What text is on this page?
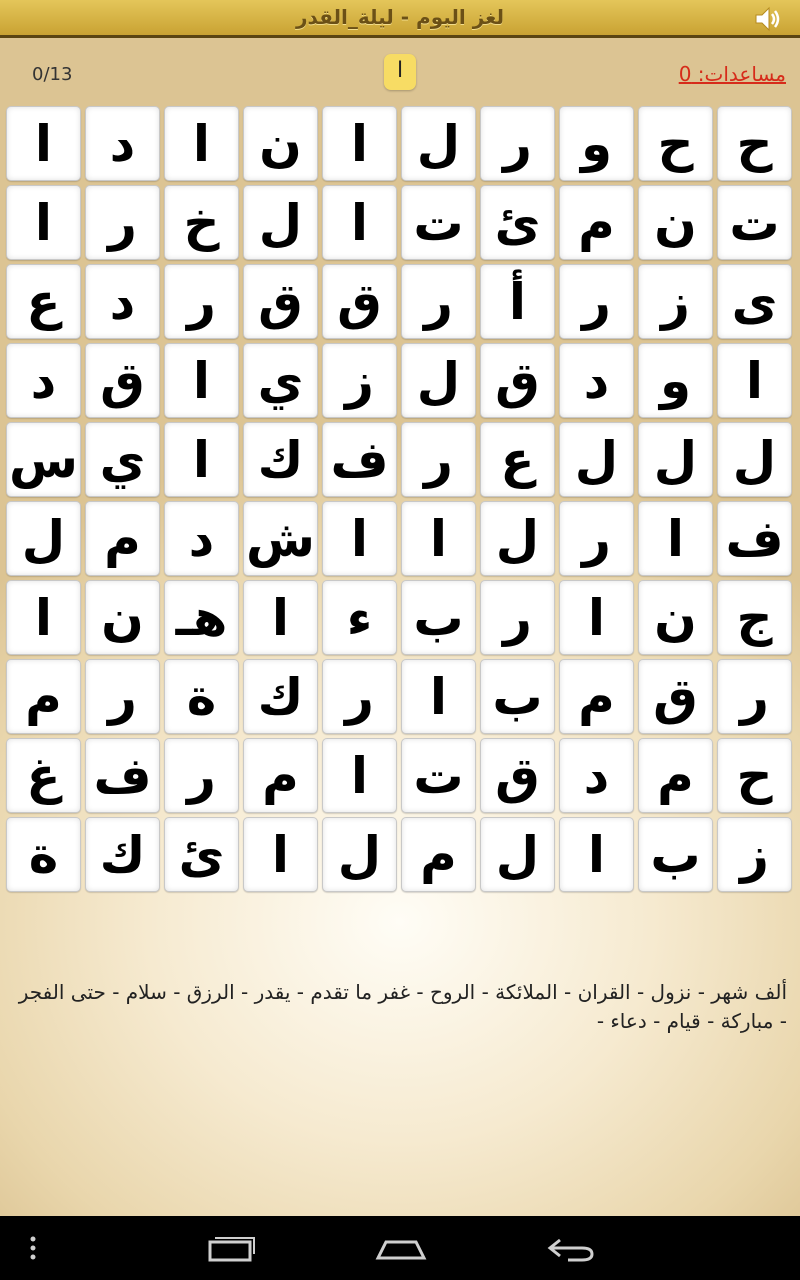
لغز اليوم - ليلة_القدر
0/13	ا	مساعدات: 0
ا	د	ا ن ا ل ر و ح ح
ا	ر خ ل ا ت ئ م ن ت
ع د	ر ق ق ر	أ	ر	ز ى
د ق ا ي ز ل ق د	و	ا
س ي ا ك ف ر ع ل ل ل
ل م د ش ا	ا ل ر	ا ف
ا ن هـ ا	ء ب ر	ا ن ج
م ر ة ك ر	ا ب م ق ر
غ ف ر م	ا ت ق د م ح
ة ك ئ ا ل م ل ا ب ز
ألف شهر - نزول - القران - الملائكة - الروح - غفر ما تقدم - يقدر - الرزق - سلام - حتى الفجر - مباركة - قيام - دعاء -
